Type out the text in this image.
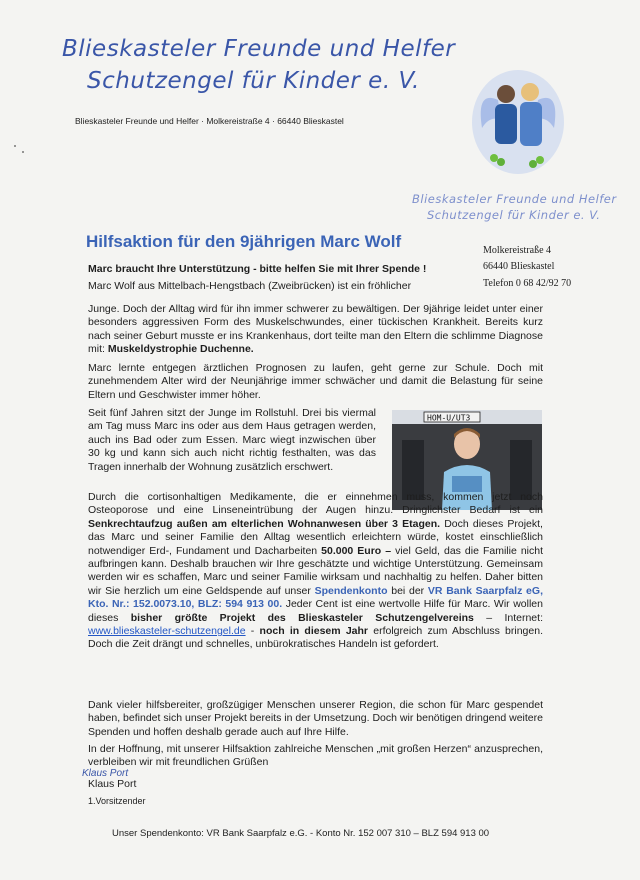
Blieskasteler Freunde und Helfer
Schutzengel für Kinder e. V.
Blieskasteler Freunde und Helfer · Molkereistraße 4 · 66440 Blieskastel
Blieskasteler Freunde und Helfer
Schutzengel für Kinder e. V.
Molkereistraße 4
66440 Blieskastel
Telefon 0 68 42/92 70
Hilfsaktion für den 9jährigen Marc Wolf
Marc braucht Ihre Unterstützung - bitte helfen Sie mit Ihrer Spende !

Marc Wolf aus Mittelbach-Hengstbach (Zweibrücken) ist ein fröhlicher

Junge. Doch der Alltag wird für ihn immer schwerer zu bewältigen. Der 9jährige leidet unter einer besonders aggressiven Form des Muskelschwundes, einer tückischen Krankheit. Bereits kurz nach seiner Geburt musste er ins Krankenhaus, dort teilte man den Eltern die schlimme Diagnose mit: Muskeldystrophie Duchenne.

Marc lernte entgegen ärztlichen Prognosen zu laufen, geht gerne zur Schule. Doch mit zunehmendem Alter wird der Neunjährige immer schwächer und damit die Belastung für seine Eltern und Geschwister immer höher.

Seit fünf Jahren sitzt der Junge im Rollstuhl. Drei bis viermal am Tag muss Marc ins oder aus dem Haus getragen werden, auch ins Bad oder zum Essen. Marc wiegt inzwischen über 30 kg und kann sich auch nicht richtig festhalten, was das Tragen innerhalb der Wohnung zusätzlich erschwert.

HOM-U/UT3

Durch die cortisonhaltigen Medikamente, die er einnehmen muss, kommen jetzt noch Osteoporose und eine Linseneintrübung der Augen hinzu. Dringlichster Bedarf ist ein Senkrechtaufzug außen am elterlichen Wohnanwesen über 3 Etagen. Doch dieses Projekt, das Marc und seiner Familie den Alltag wesentlich erleichtern würde, kostet einschließlich notwendiger Erd-, Fundament und Dacharbeiten 50.000 Euro – viel Geld, das die Familie nicht aufbringen kann. Deshalb brauchen wir Ihre geschätzte und wichtige Unterstützung. Gemeinsam werden wir es schaffen, Marc und seiner Familie wirksam und nachhaltig zu helfen. Daher bitten wir Sie herzlich um eine Geldspende auf unser Spendenkonto bei der VR Bank Saarpfalz eG, Kto. Nr.: 152.0073.10, BLZ: 594 913 00. Jeder Cent ist eine wertvolle Hilfe für Marc. Wir wollen dieses bisher größte Projekt des Blieskasteler Schutzengelvereins – Internet: www.blieskasteler-schutzengel.de - noch in diesem Jahr erfolgreich zum Abschluss bringen. Doch die Zeit drängt und schnelles, unbürokratisches Handeln ist gefordert.

Dank vieler hilfsbereiter, großzügiger Menschen unserer Region, die schon für Marc gespendet haben, befindet sich unser Projekt bereits in der Umsetzung. Doch wir benötigen dringend weitere Spenden und hoffen deshalb gerade auch auf Ihre Hilfe.

In der Hoffnung, mit unserer Hilfsaktion zahlreiche Menschen „mit großen Herzen“ anzusprechen, verbleiben wir mit freundlichen Grüßen

Klaus Port
Klaus Port
1.Vorsitzender
Unser Spendenkonto: VR Bank Saarpfalz e.G. - Konto Nr. 152 007 310 – BLZ 594 913 00
